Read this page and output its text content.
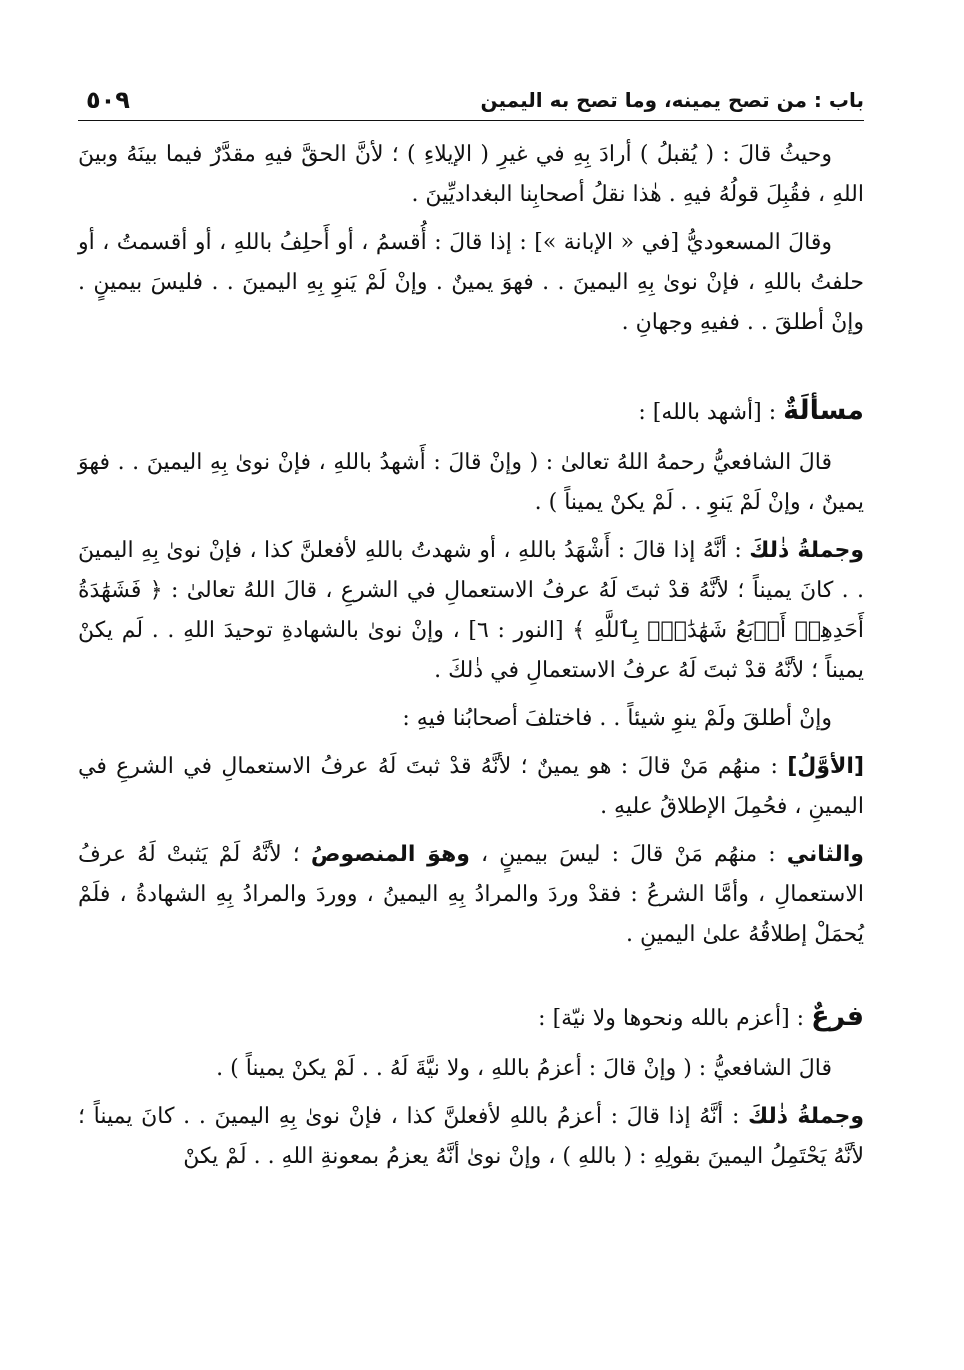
باب : من تصح يمينه، وما تصح به اليمين
٥٠٩

وحيثُ قالَ : ( يُقبلُ ) أرادَ بِهِ في غيرِ ( الإيلاءِ ) ؛ لأنَّ الحقَّ فيهِ مقدَّرٌ فيما بينَهُ وبينَ اللهِ ، فقُبِلَ قولُهُ فيهِ . هٰذا نقلُ أصحابِنا البغداديِّينَ .

وقالَ المسعوديُّ [في « الإبانة »] : إذا قالَ : أُقسمُ ، أو أَحلِفُ باللهِ ، أو أقسمتُ ، أو حلفتُ باللهِ ، فإنْ نوىٰ بِهِ اليمينَ . . فهوَ يمينٌ . وإنْ لَمْ يَنوِ بِهِ اليمينَ . . فليسَ بيمينٍ . وإنْ أطلقَ . . ففيهِ وجهانِ .

مسألَةٌ : [أشهد بالله] :

قالَ الشافعيُّ رحمهُ اللهُ تعالىٰ : ( وإنْ قالَ : أَشهدُ باللهِ ، فإنْ نوىٰ بِهِ اليمينَ . . فهوَ يمينٌ ، وإنْ لَمْ يَنوِ . . لَمْ يكنْ يميناً ) .

وجملةُ ذٰلكَ : أنَّهُ إذا قالَ : أَشْهَدُ باللهِ ، أو شهدتُ باللهِ لأفعلنَّ كذا ، فإنْ نوىٰ بِهِ اليمينَ . . كانَ يميناً ؛ لأنَّهُ قدْ ثبتَ لَهُ عرفُ الاستعمالِ في الشرعِ ، قالَ اللهُ تعالىٰ : ﴿ فَشَهَٰدَةُ أَحَدِهِمۡ أَرۡبَعُ شَهَٰدَٰتِۭ بِٱللَّهِ ﴾ [النور : ٦] ، وإنْ نوىٰ بالشهادةِ توحيدَ اللهِ . . لَم يكنْ يميناً ؛ لأنَّهُ قدْ ثبتَ لَهُ عرفُ الاستعمالِ في ذٰلكَ .

وإنْ أطلقَ ولَمْ ينوِ شيئاً . . فاختلفَ أصحابُنا فيهِ :

[الأوَّلُ] : منهُم مَنْ قالَ : هو يمينٌ ؛ لأنَّهُ قدْ ثبتَ لَهُ عرفُ الاستعمالِ في الشرعِ في اليمينِ ، فحُمِلَ الإطلاقُ عليهِ .

والثاني : منهُم مَنْ قالَ : ليسَ بيمينٍ ، وهوَ المنصوصُ ؛ لأنَّهُ لَمْ يَثبتْ لَهُ عرفُ الاستعمالِ ، وأمَّا الشرعُ : فقدْ وردَ والمرادُ بِهِ اليمينُ ، ووردَ والمرادُ بِهِ الشهادةُ ، فلَمْ يُحمَلْ إطلاقُهُ علىٰ اليمينِ .

فرعٌ : [أعزم بالله ونحوها ولا نيّة] :

قالَ الشافعيُّ : ( وإنْ قالَ : أعزمُ باللهِ ، ولا نيَّةَ لَهُ . . لَمْ يكنْ يميناً ) .

وجملةُ ذٰلكَ : أنَّهُ إذا قالَ : أعزمُ باللهِ لأفعلنَّ كذا ، فإنْ نوىٰ بِهِ اليمينَ . . كانَ يميناً ؛ لأنَّهُ يَحْتَمِلُ اليمينَ بقولِهِ : ( باللهِ ) ، وإنْ نوىٰ أنَّهُ يعزمُ بمعونةِ اللهِ . . لَمْ يكنْ
